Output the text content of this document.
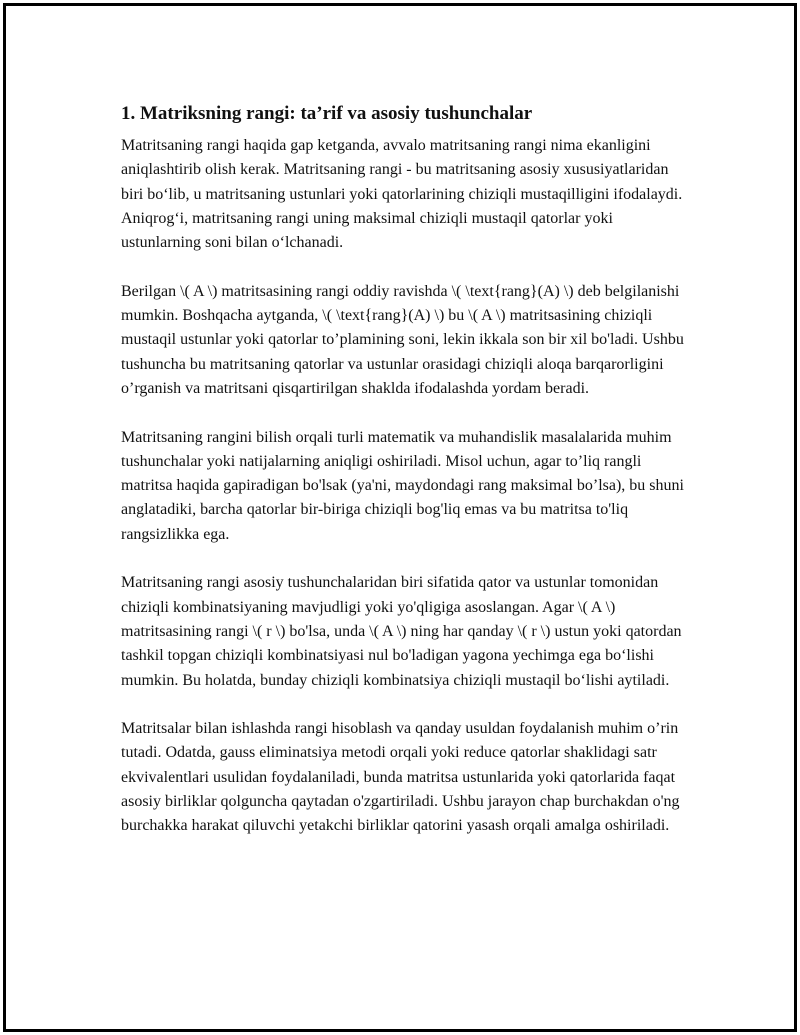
1. Matriksning rangi: ta’rif va asosiy tushunchalar

Matritsaning rangi haqida gap ketganda, avvalo matritsaning rangi nima ekanligini aniqlashtirib olish kerak. Matritsaning rangi - bu matritsaning asosiy xususiyatlaridan biri bo‘lib, u matritsaning ustunlari yoki qatorlarining chiziqli mustaqilligini ifodalaydi. Aniqrog‘i, matritsaning rangi uning maksimal chiziqli mustaqil qatorlar yoki ustunlarning soni bilan o‘lchanadi.

Berilgan \( A \) matritsasining rangi oddiy ravishda \( \text{rang}(A) \) deb belgilanishi mumkin. Boshqacha aytganda, \( \text{rang}(A) \) bu \( A \) matritsasining chiziqli mustaqil ustunlar yoki qatorlar to’plamining soni, lekin ikkala son bir xil bo'ladi. Ushbu tushuncha bu matritsaning qatorlar va ustunlar orasidagi chiziqli aloqa barqarorligini o’rganish va matritsani qisqartirilgan shaklda ifodalashda yordam beradi.

Matritsaning rangini bilish orqali turli matematik va muhandislik masalalarida muhim tushunchalar yoki natijalarning aniqligi oshiriladi. Misol uchun, agar to’liq rangli matritsa haqida gapiradigan bo'lsak (ya'ni, maydondagi rang maksimal bo’lsa), bu shuni anglatadiki, barcha qatorlar bir-biriga chiziqli bog'liq emas va bu matritsa to'liq rangsizlikka ega.

Matritsaning rangi asosiy tushunchalaridan biri sifatida qator va ustunlar tomonidan chiziqli kombinatsiyaning mavjudligi yoki yo'qligiga asoslangan. Agar \( A \) matritsasining rangi \( r \) bo'lsa, unda \( A \) ning har qanday \( r \) ustun yoki qatordan tashkil topgan chiziqli kombinatsiyasi nul bo'ladigan yagona yechimga ega bo‘lishi mumkin. Bu holatda, bunday chiziqli kombinatsiya chiziqli mustaqil bo‘lishi aytiladi.

Matritsalar bilan ishlashda rangi hisoblash va qanday usuldan foydalanish muhim o’rin tutadi. Odatda, gauss eliminatsiya metodi orqali yoki reduce qatorlar shaklidagi satr ekvivalentlari usulidan foydalaniladi, bunda matritsa ustunlarida yoki qatorlarida faqat asosiy birliklar qolguncha qaytadan o'zgartiriladi. Ushbu jarayon chap burchakdan o'ng burchakka harakat qiluvchi yetakchi birliklar qatorini yasash orqali amalga oshiriladi.
